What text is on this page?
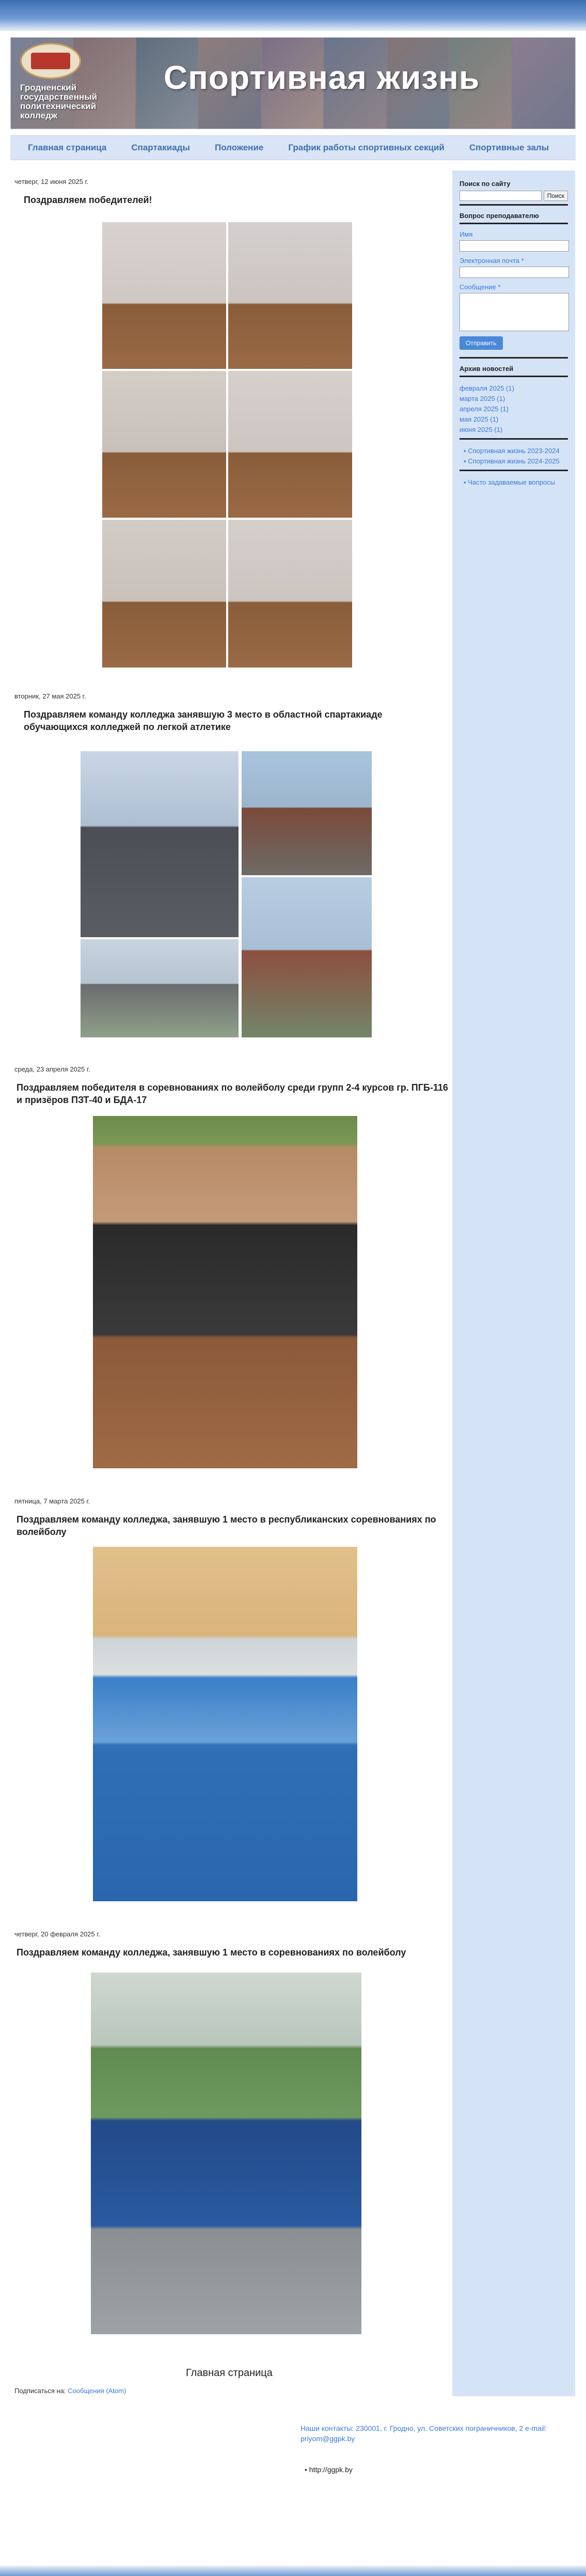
Гродненский государственный политехнический колледж
Спортивная жизнь
Главная страница	Спартакиады	Положение	График работы спортивных секций	Спортивные залы
четверг, 12 июня 2025 г.
Поздравляем победителей!
вторник, 27 мая 2025 г.
Поздравляем команду колледжа занявшую 3 место в областной спартакиаде обучающихся колледжей по легкой атлетике
среда, 23 апреля 2025 г.
Поздравляем победителя в соревнованиях по волейболу среди групп 2-4 курсов гр. ПГБ-116 и призёров ПЗТ-40 и БДА-17
пятница, 7 марта 2025 г.
Поздравляем команду колледжа, занявшую 1 место в республиканских соревнованиях по волейболу
четверг, 20 февраля 2025 г.
Поздравляем команду колледжа, занявшую 1 место в соревнованиях по волейболу
Поиск по сайту
Поиск
Вопрос преподавателю
Имя
Электронная почта *
Сообщение *
Отправить
Архив новостей
февраля 2025 (1)
марта 2025 (1)
апреля 2025 (1)
мая 2025 (1)
июня 2025 (1)
▪ Спортивная жизнь 2023-2024
▪ Спортивная жизнь 2024-2025
▪ Часто задаваемые вопросы
Главная страница
Подписаться на: Сообщения (Atom)
Наши контакты: 230001, г. Гродно, ул. Советских пограничников, 2 e-mail: priyom@ggpk.by
• http://ggpk.by
